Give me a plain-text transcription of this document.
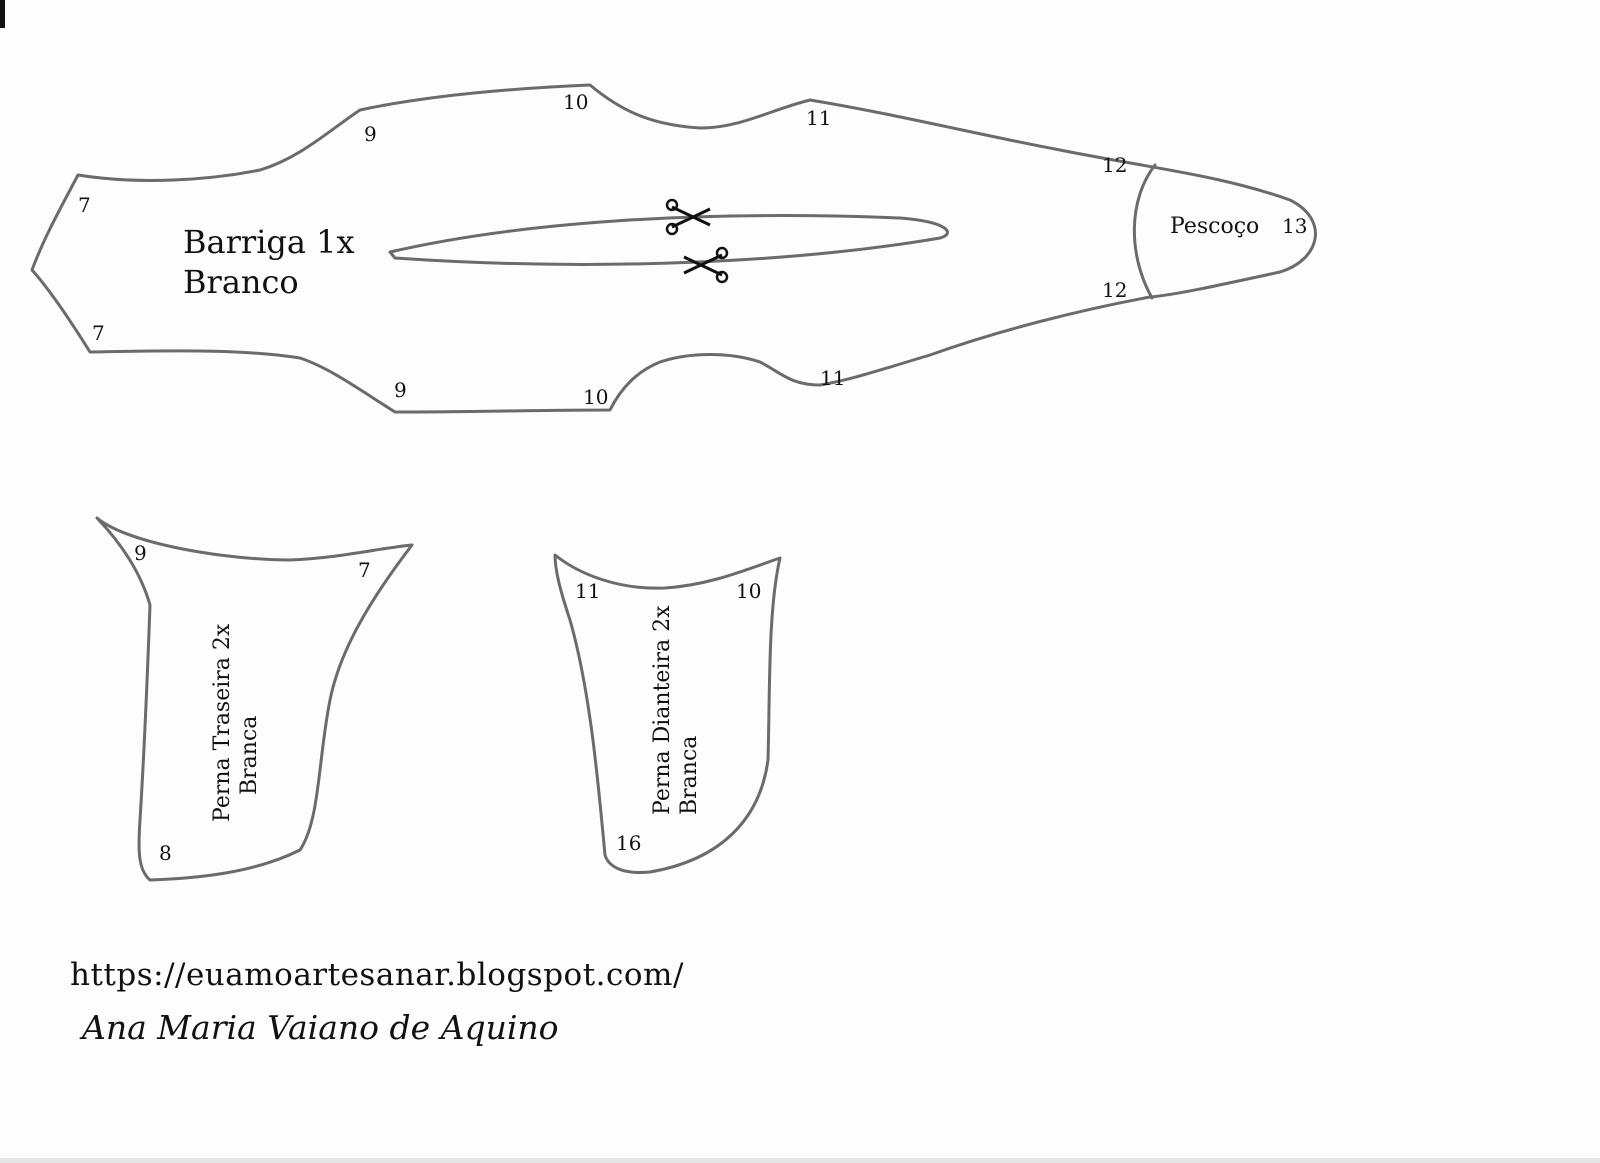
Barriga 1x
Branco
Pescoço
7
7
9
10
11
12
9	10
11
12
13
Perna Traseira 2x Branca
9
7
8
Perna Dianteira 2x Branca
11	10
16
https://euamoartesanar.blogspot.com/
Ana Maria Vaiano de Aquino
